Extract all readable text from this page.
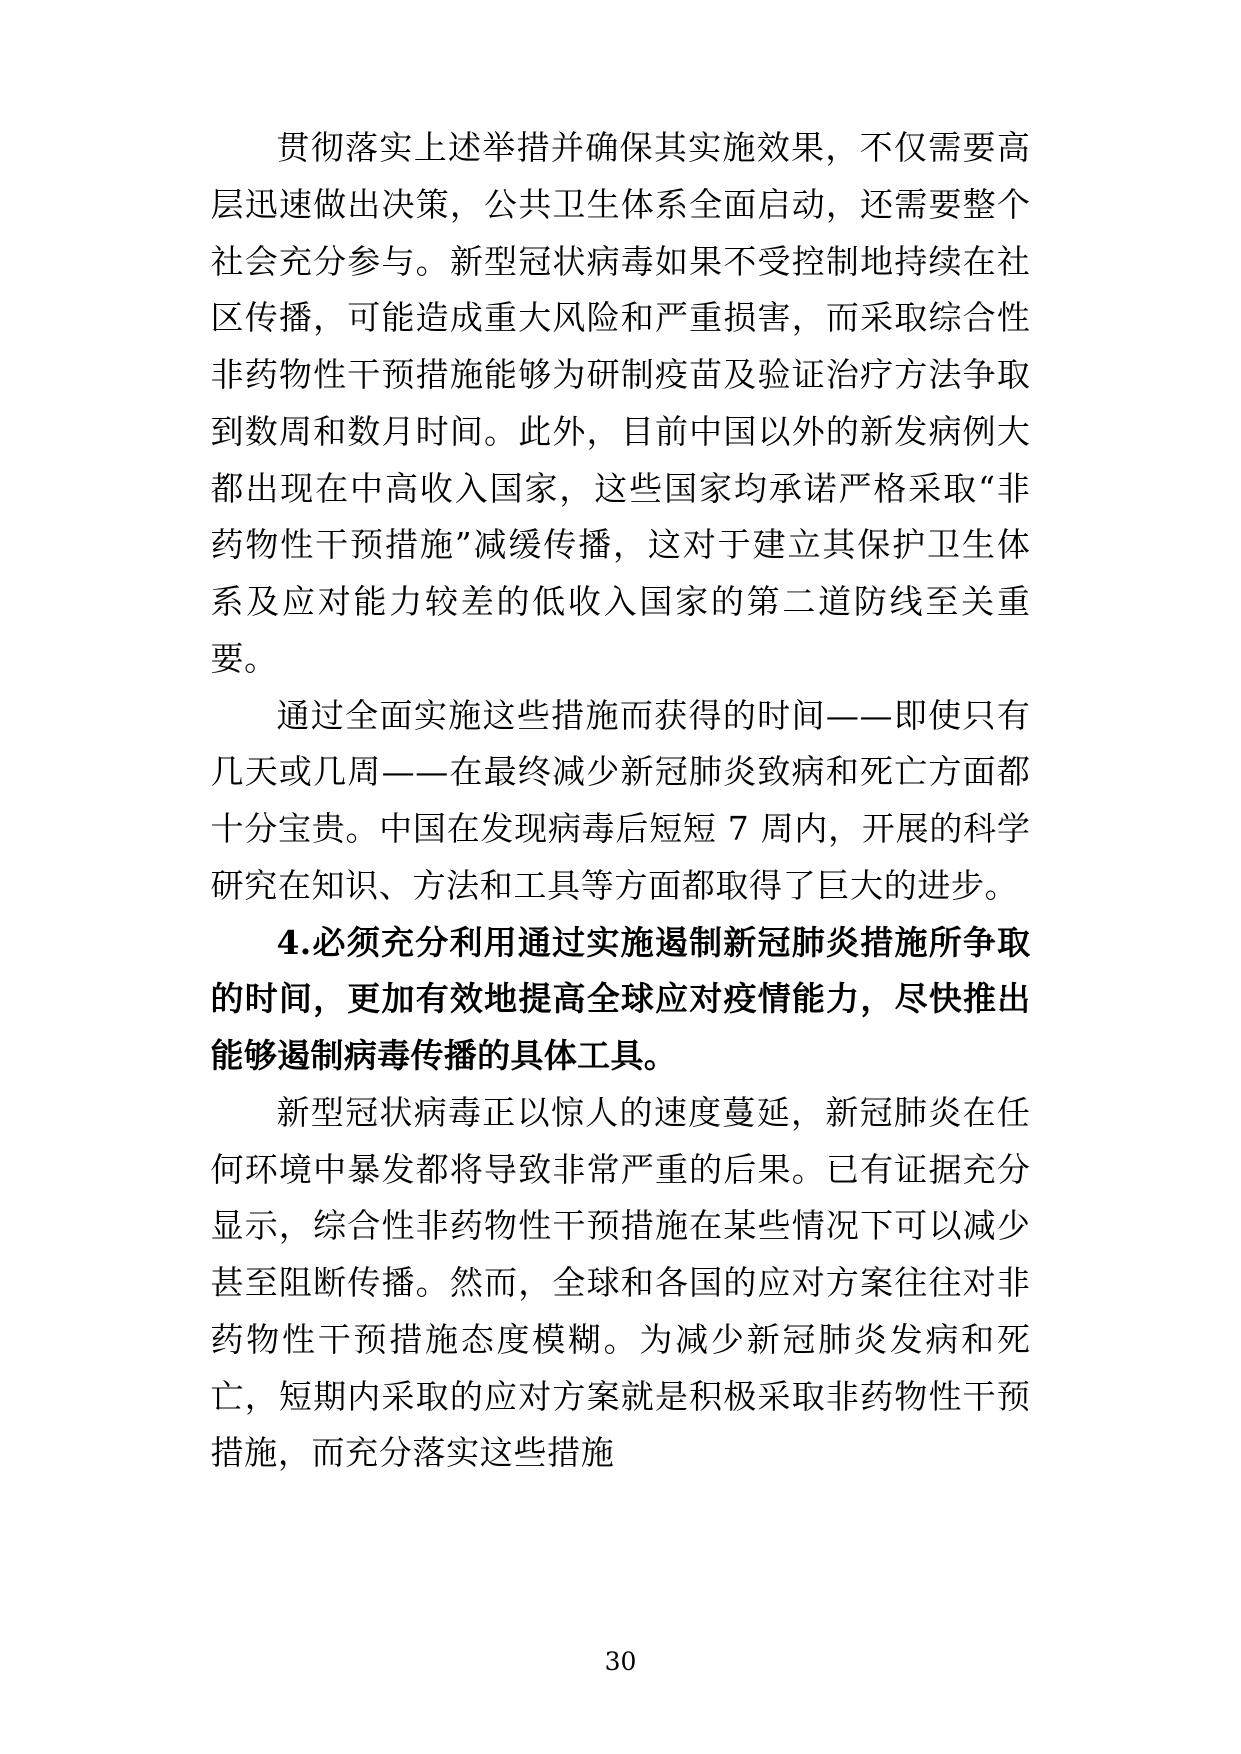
贯彻落实上述举措并确保其实施效果，不仅需要高层迅速做出决策，公共卫生体系全面启动，还需要整个社会充分参与。新型冠状病毒如果不受控制地持续在社区传播，可能造成重大风险和严重损害，而采取综合性非药物性干预措施能够为研制疫苗及验证治疗方法争取到数周和数月时间。此外，目前中国以外的新发病例大都出现在中高收入国家，这些国家均承诺严格采取“非药物性干预措施”减缓传播，这对于建立其保护卫生体系及应对能力较差的低收入国家的第二道防线至关重要。

通过全面实施这些措施而获得的时间——即使只有几天或几周——在最终减少新冠肺炎致病和死亡方面都十分宝贵。中国在发现病毒后短短 7 周内，开展的科学研究在知识、方法和工具等方面都取得了巨大的进步。

4.必须充分利用通过实施遏制新冠肺炎措施所争取的时间，更加有效地提高全球应对疫情能力，尽快推出能够遏制病毒传播的具体工具。

新型冠状病毒正以惊人的速度蔓延，新冠肺炎在任何环境中暴发都将导致非常严重的后果。已有证据充分显示，综合性非药物性干预措施在某些情况下可以减少甚至阻断传播。然而，全球和各国的应对方案往往对非药物性干预措施态度模糊。为减少新冠肺炎发病和死亡，短期内采取的应对方案就是积极采取非药物性干预措施，而充分落实这些措施

30
